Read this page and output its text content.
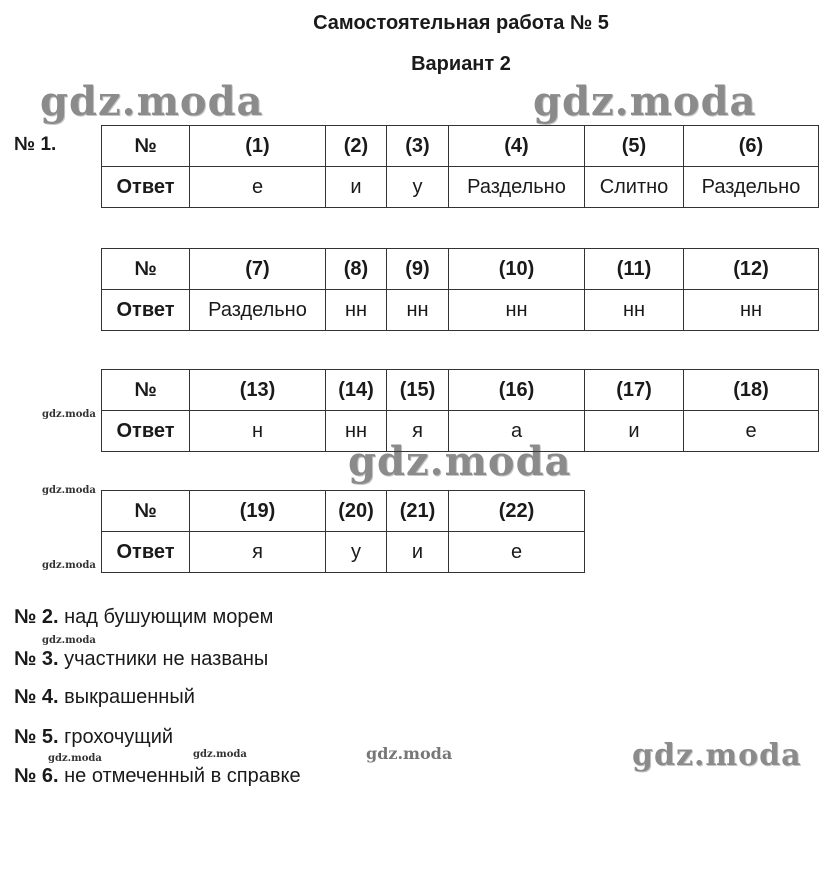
Самостоятельная работа № 5
Вариант 2
gdz.moda	gdz.moda
gdz.moda
gdz.moda
gdz.moda
gdz.moda
gdz.moda
gdz.moda
gdz.moda	gdz.moda	gdz.moda
№ 1.	№	(1)	(2)	(3)	(4)	(5)	(6)
Ответ	е	и	у	Раздельно	Слитно	Раздельно
№	(7)	(8)	(9)	(10)	(11)	(12)
Ответ	Раздельно	нн	нн	нн	нн	нн
№	(13)	(14)	(15)	(16)	(17)	(18)
Ответ	н	нн	я	а	и	е
№	(19)	(20)	(21)	(22)
Ответ	я	у	и	е
№ 2. над бушующим морем
№ 3. участники не названы
№ 4. выкрашенный
№ 5. грохочущий
№ 6. не отмеченный в справке
